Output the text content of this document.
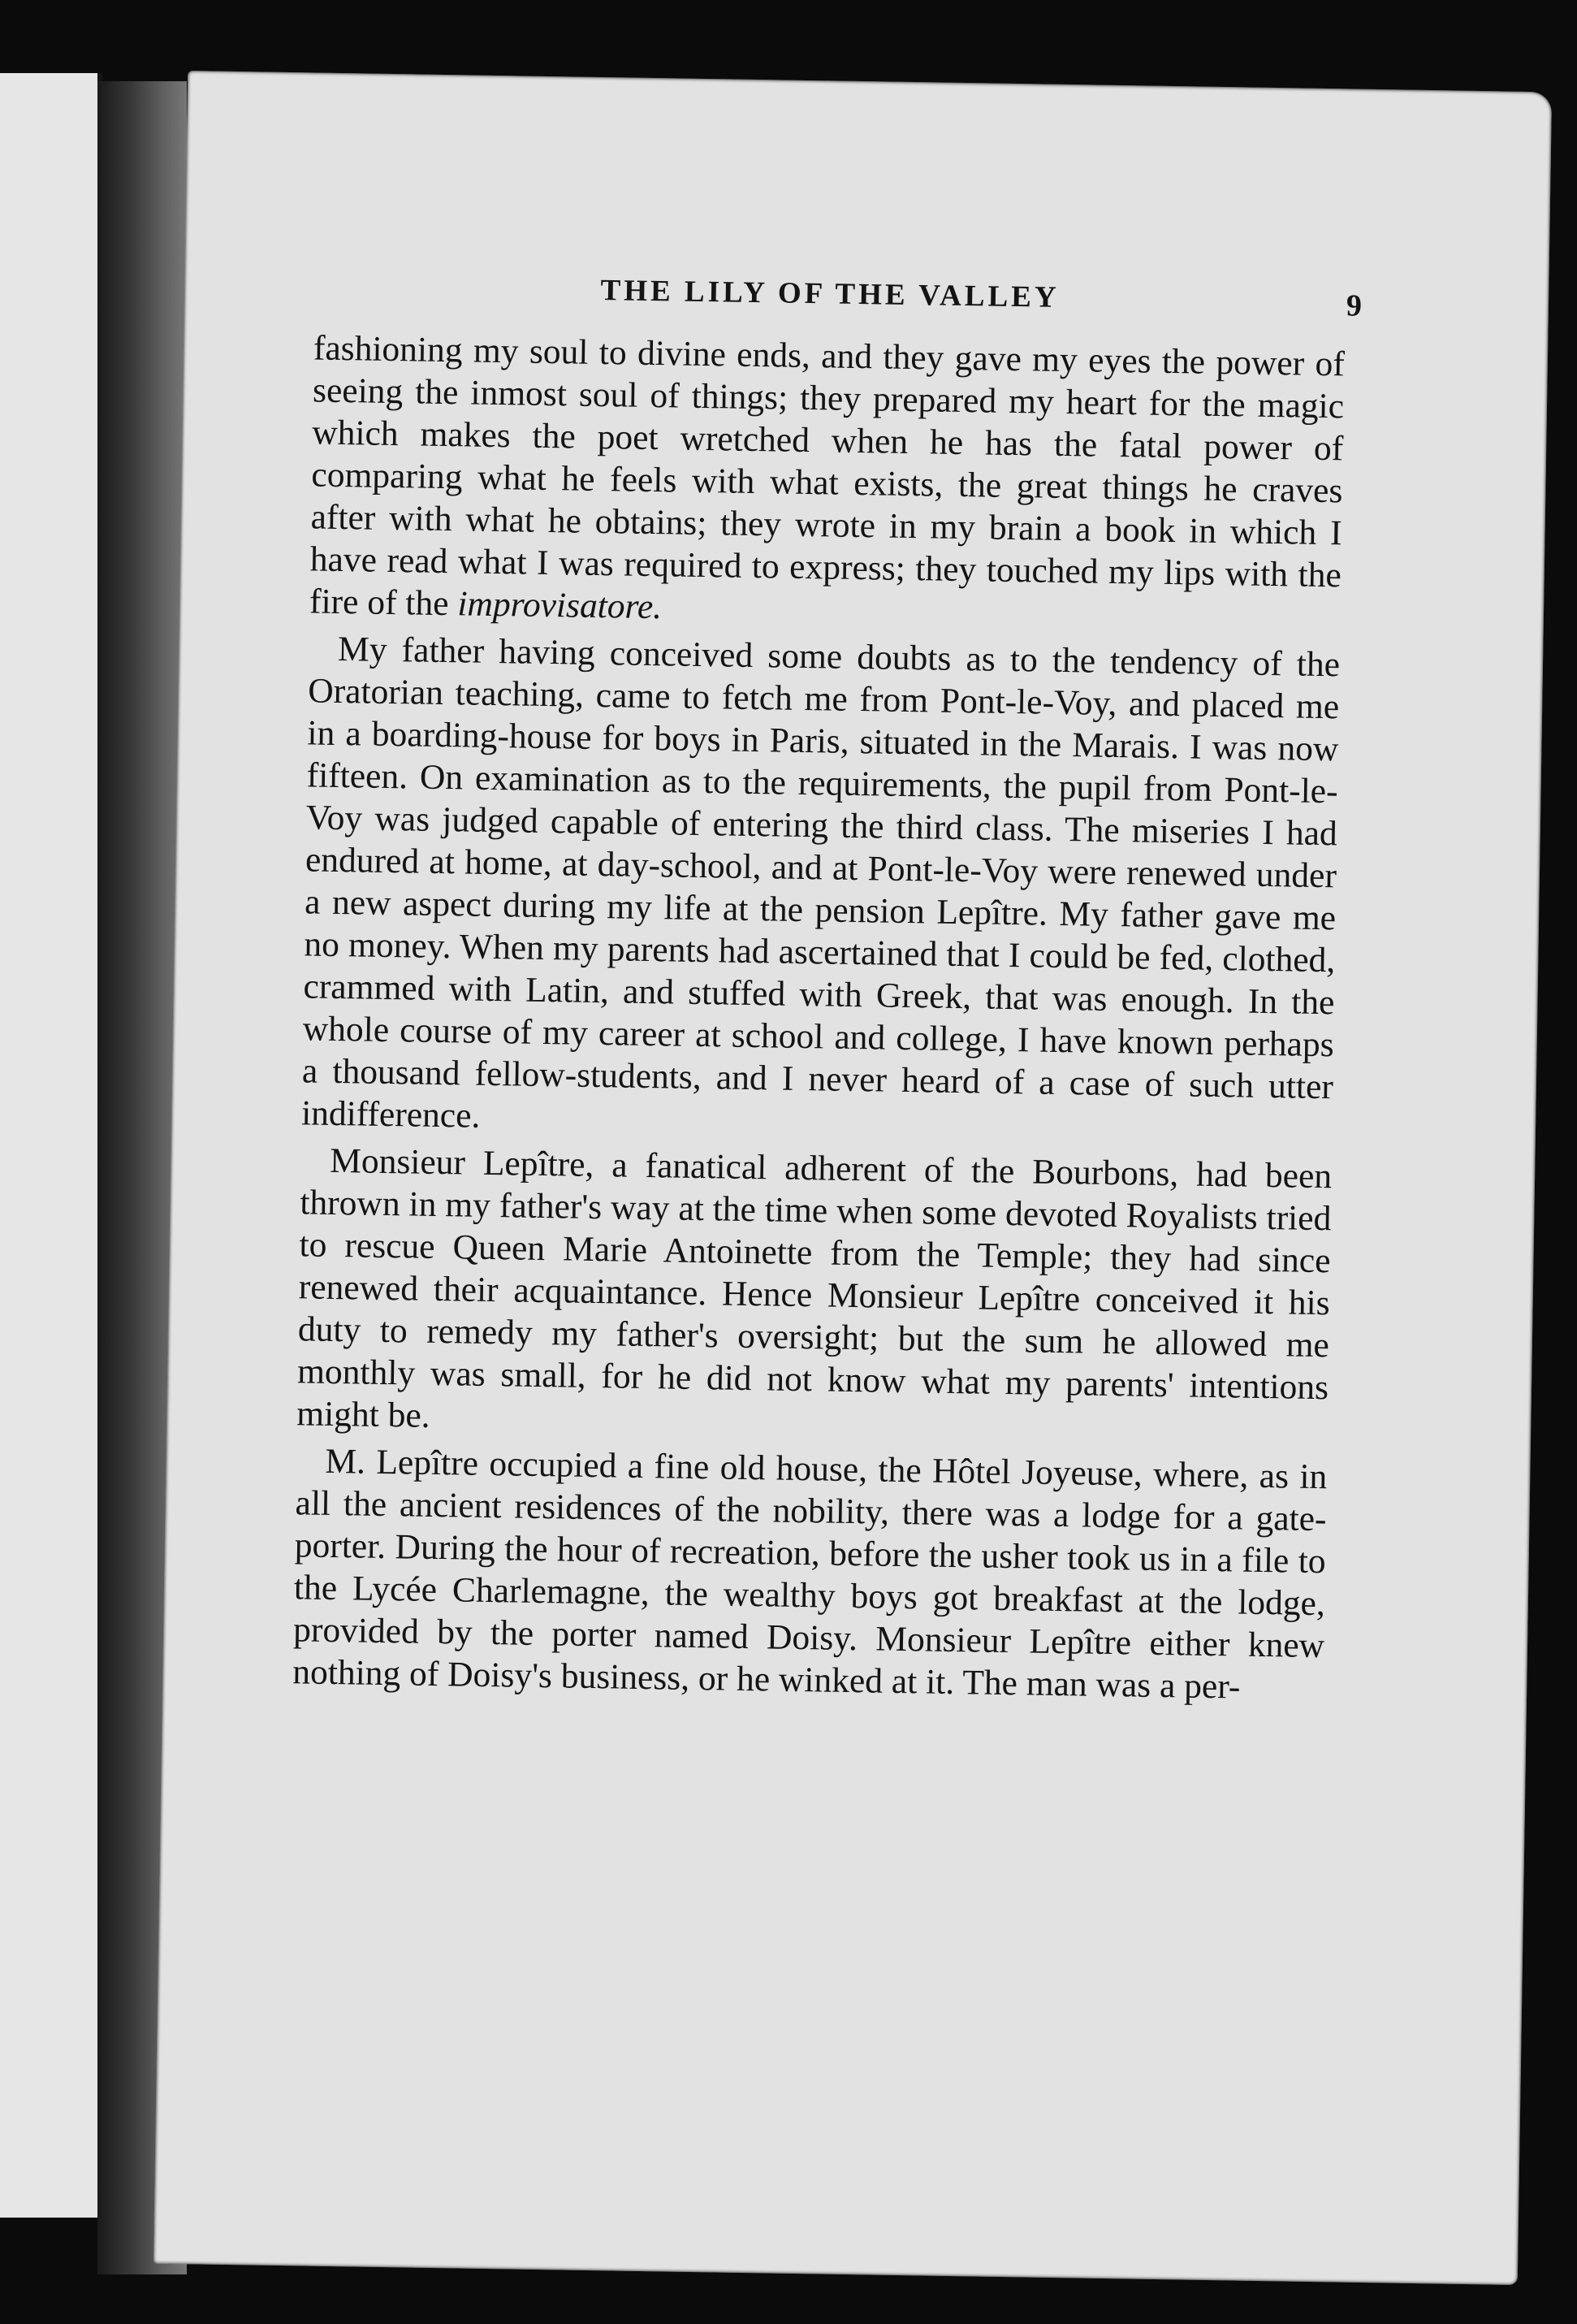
THE LILY OF THE VALLEY	9

fashioning my soul to divine ends, and they gave my eyes the power of seeing the inmost soul of things; they prepared my heart for the magic which makes the poet wretched when he has the fatal power of comparing what he feels with what exists, the great things he craves after with what he obtains; they wrote in my brain a book in which I have read what I was required to express; they touched my lips with the fire of the improvisatore.

My father having conceived some doubts as to the tendency of the Oratorian teaching, came to fetch me from Pont-le-Voy, and placed me in a boarding-house for boys in Paris, situated in the Marais. I was now fifteen. On examination as to the requirements, the pupil from Pont-le-Voy was judged capable of entering the third class. The miseries I had endured at home, at day-school, and at Pont-le-Voy were renewed under a new aspect during my life at the pension Lepître. My father gave me no money. When my parents had ascertained that I could be fed, clothed, crammed with Latin, and stuffed with Greek, that was enough. In the whole course of my career at school and college, I have known perhaps a thousand fellow-students, and I never heard of a case of such utter indifference.

Monsieur Lepître, a fanatical adherent of the Bourbons, had been thrown in my father's way at the time when some devoted Royalists tried to rescue Queen Marie Antoinette from the Temple; they had since renewed their acquaintance. Hence Monsieur Lepître conceived it his duty to remedy my father's oversight; but the sum he allowed me monthly was small, for he did not know what my parents' intentions might be.

M. Lepître occupied a fine old house, the Hôtel Joyeuse, where, as in all the ancient residences of the nobility, there was a lodge for a gate-porter. During the hour of recreation, before the usher took us in a file to the Lycée Charlemagne, the wealthy boys got breakfast at the lodge, provided by the porter named Doisy. Monsieur Lepître either knew nothing of Doisy's business, or he winked at it. The man was a per-
